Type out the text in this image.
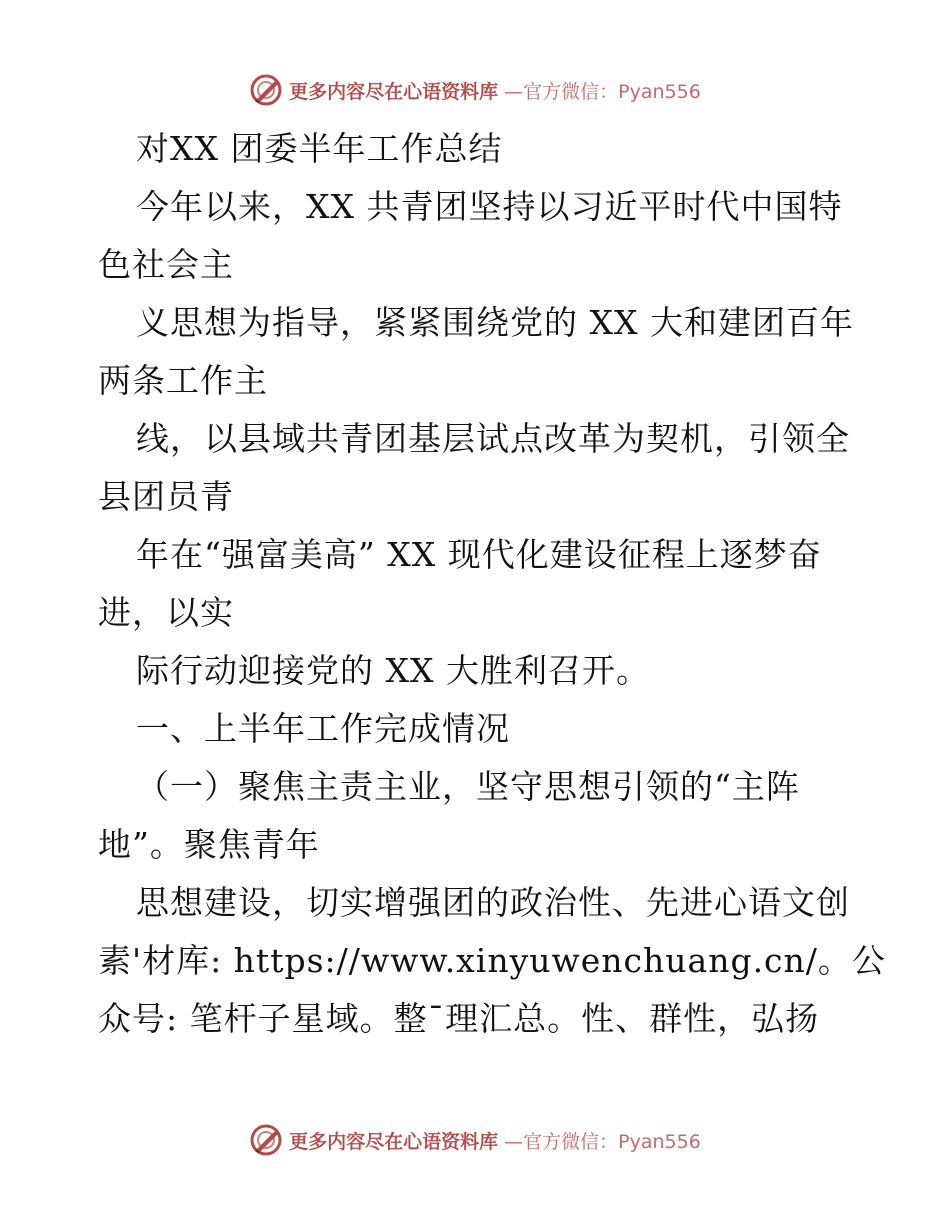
更多内容尽在心语资料库 —官方微信：Pyan556
对XX 团委半年工作总结
今年以来，XX 共青团坚持以习近平时代中国特
色社会主
义思想为指导，紧紧围绕党的 XX 大和建团百年
两条工作主
线，以县域共青团基层试点改革为契机，引领全
县团员青
年在“强富美高” XX 现代化建设征程上逐梦奋
进，以实
际行动迎接党的 XX 大胜利召开。
一、上半年工作完成情况
（一）聚焦主责主业，坚守思想引领的“主阵
地”。聚焦青年
思想建设，切实增强团的政治性、先进心语文创
素'材库: https://www.xinyuwenchuang.cn/。公
众号: 笔杆子星域。整¯理汇总。性、群性，弘扬
更多内容尽在心语资料库 —官方微信：Pyan556
